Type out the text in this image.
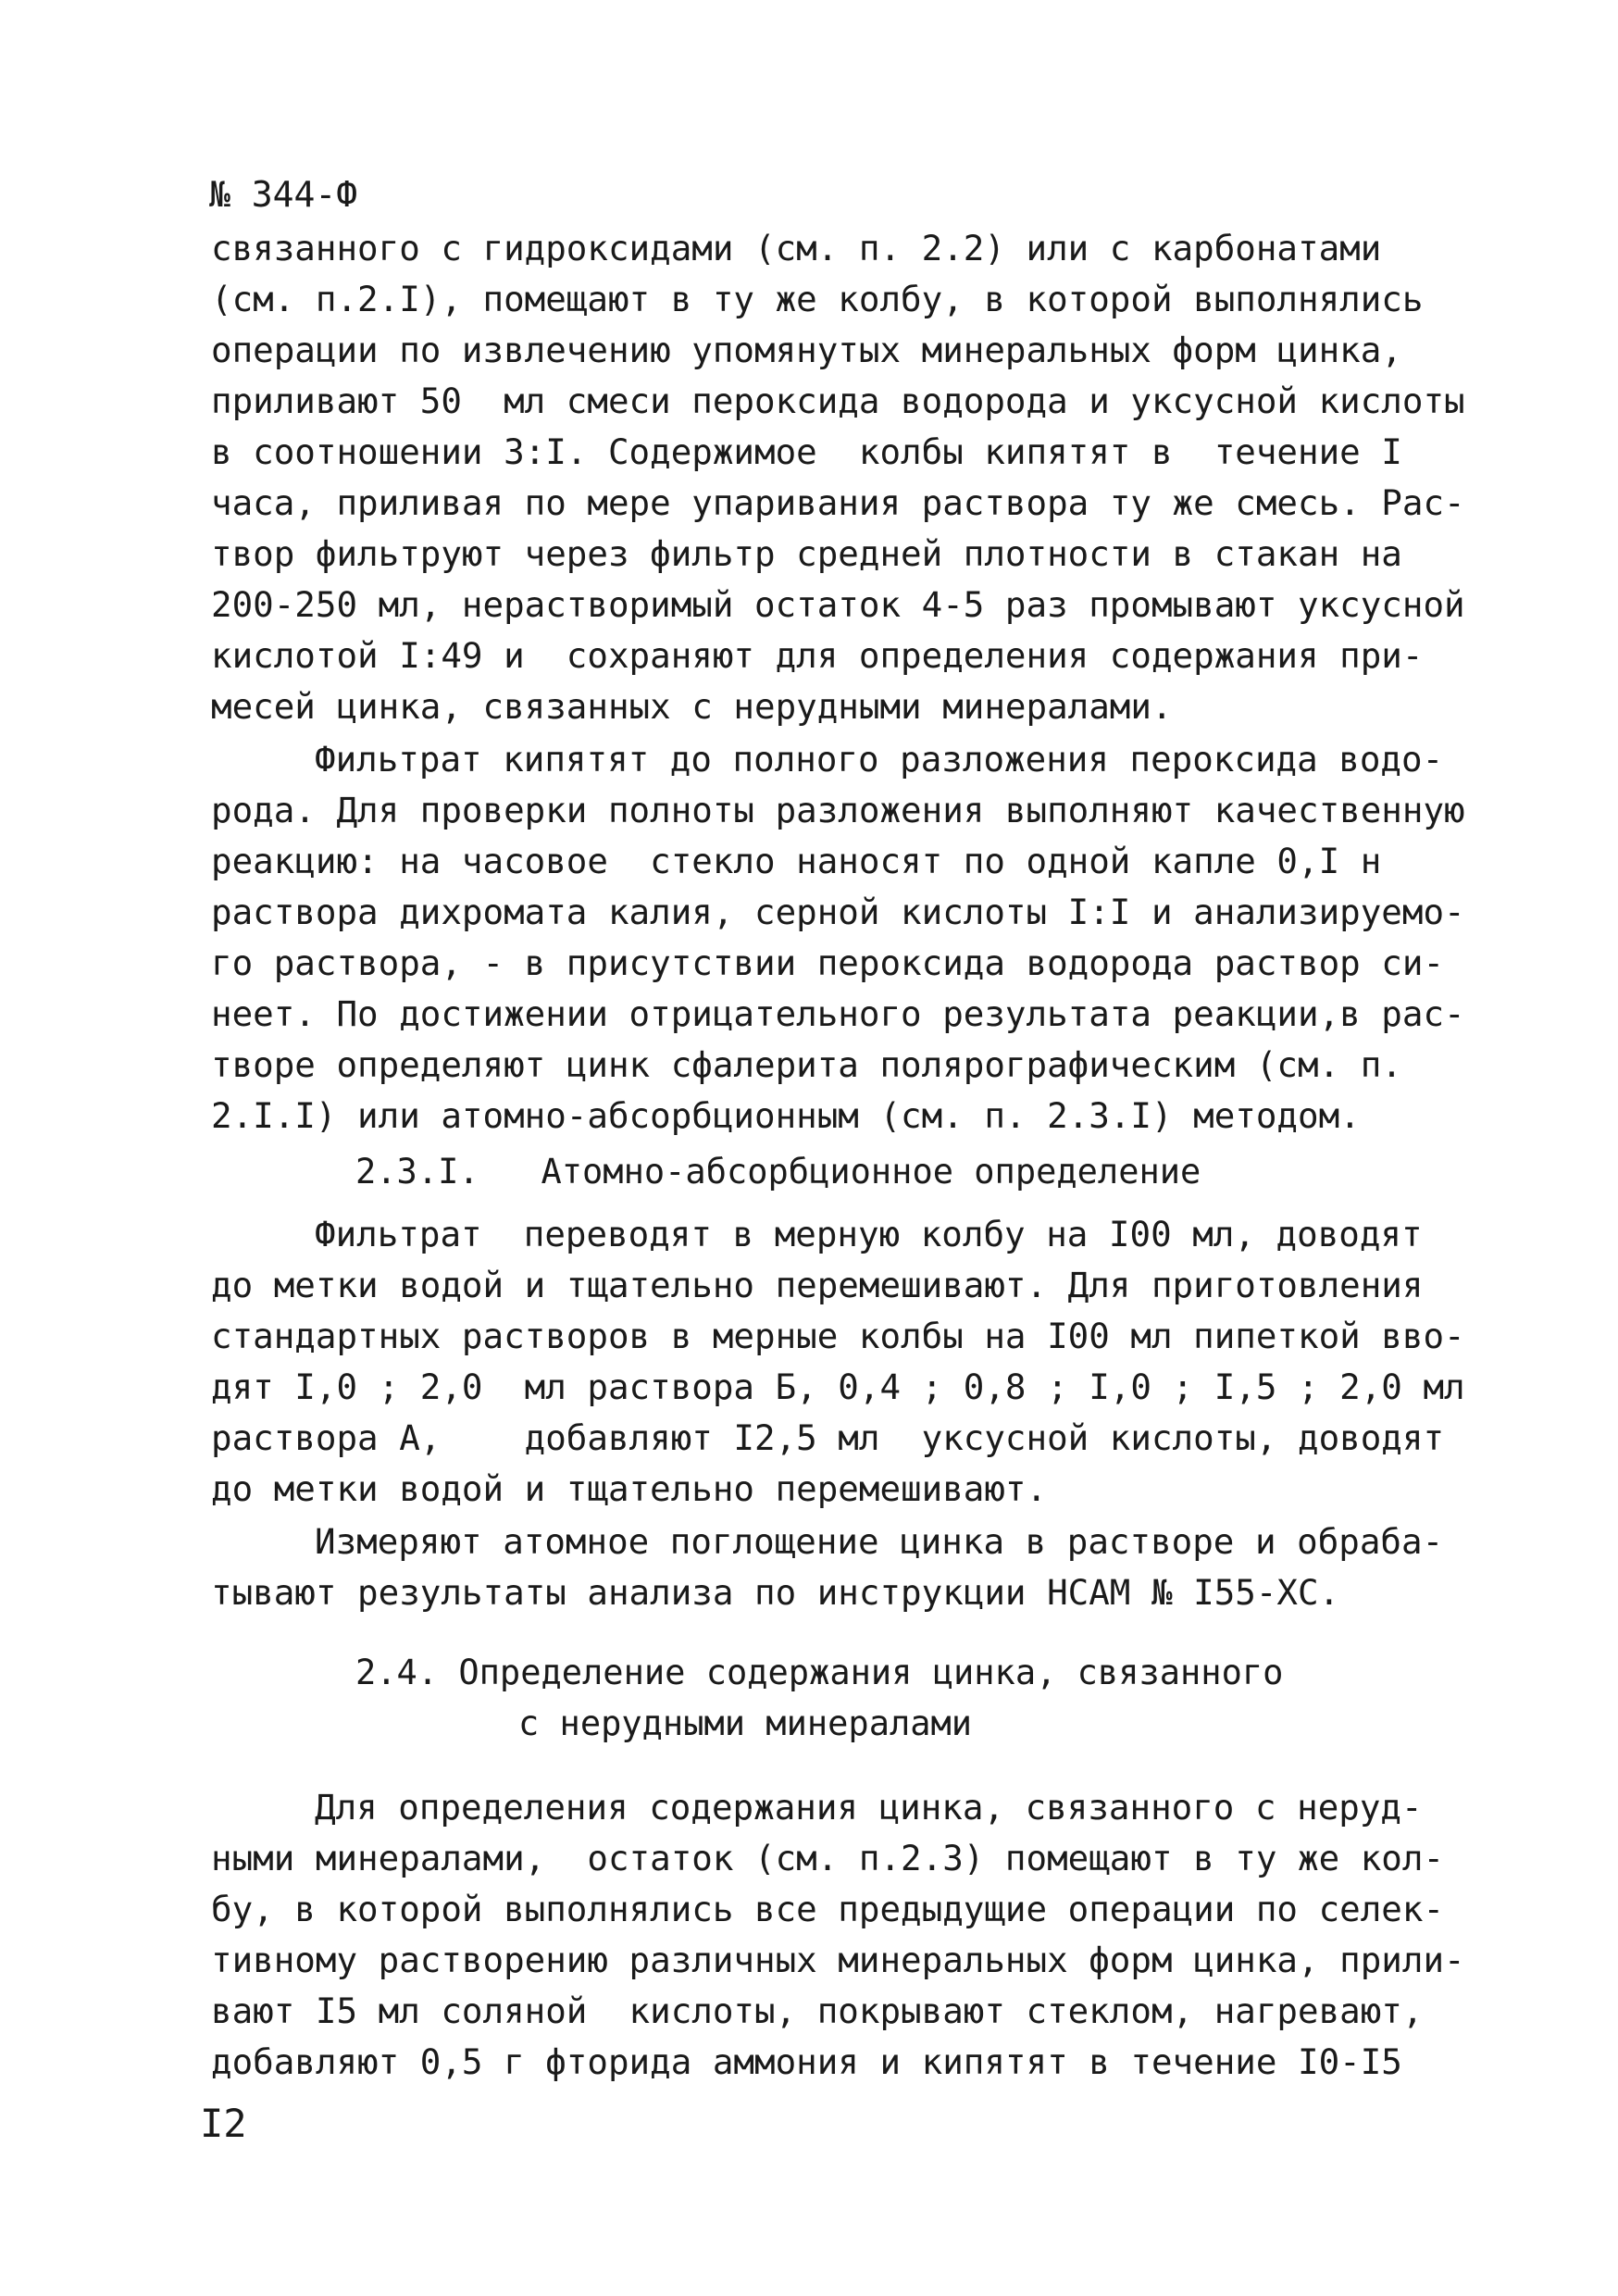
№ 344-Ф
связанного с гидроксидами (см. п. 2.2) или с карбонатами
(см. п.2.I), помещают в ту же колбу, в которой выполнялись
операции по извлечению упомянутых минеральных форм цинка,
приливают 50  мл смеси пероксида водорода и уксусной кислоты
в соотношении 3:I. Содержимое  колбы кипятят в  течение I
часа, приливая по мере упаривания раствора ту же смесь. Рас-
твор фильтруют через фильтр средней плотности в стакан на
200-250 мл, нерастворимый остаток 4-5 раз промывают уксусной
кислотой I:49 и  сохраняют для определения содержания при-
месей цинка, связанных с нерудными минералами.
Фильтрат кипятят до полного разложения пероксида водо-
рода. Для проверки полноты разложения выполняют качественную
реакцию: на часовое  стекло наносят по одной капле 0,I н
раствора дихромата калия, серной кислоты I:I и анализируемо-
го раствора, - в присутствии пероксида водорода раствор си-
неет. По достижении отрицательного результата реакции,в рас-
творе определяют цинк сфалерита полярографическим (см. п.
2.I.I) или атомно-абсорбционным (см. п. 2.3.I) методом.
2.3.I.   Атомно-абсорбционное определение
Фильтрат  переводят в мерную колбу на I00 мл, доводят
до метки водой и тщательно перемешивают. Для приготовления
стандартных растворов в мерные колбы на I00 мл пипеткой вво-
дят I,0 ; 2,0  мл раствора Б, 0,4 ; 0,8 ; I,0 ; I,5 ; 2,0 мл
раствора А,    добавляют I2,5 мл  уксусной кислоты, доводят
до метки водой и тщательно перемешивают.
Измеряют атомное поглощение цинка в растворе и обраба-
тывают результаты анализа по инструкции НСАМ № I55-ХС.
2.4. Определение содержания цинка, связанного
с нерудными минералами
Для определения содержания цинка, связанного с неруд-
ными минералами,  остаток (см. п.2.3) помещают в ту же кол-
бу, в которой выполнялись все предыдущие операции по селек-
тивному растворению различных минеральных форм цинка, прили-
вают I5 мл соляной  кислоты, покрывают стеклом, нагревают,
добавляют 0,5 г фторида аммония и кипятят в течение I0-I5
I2
